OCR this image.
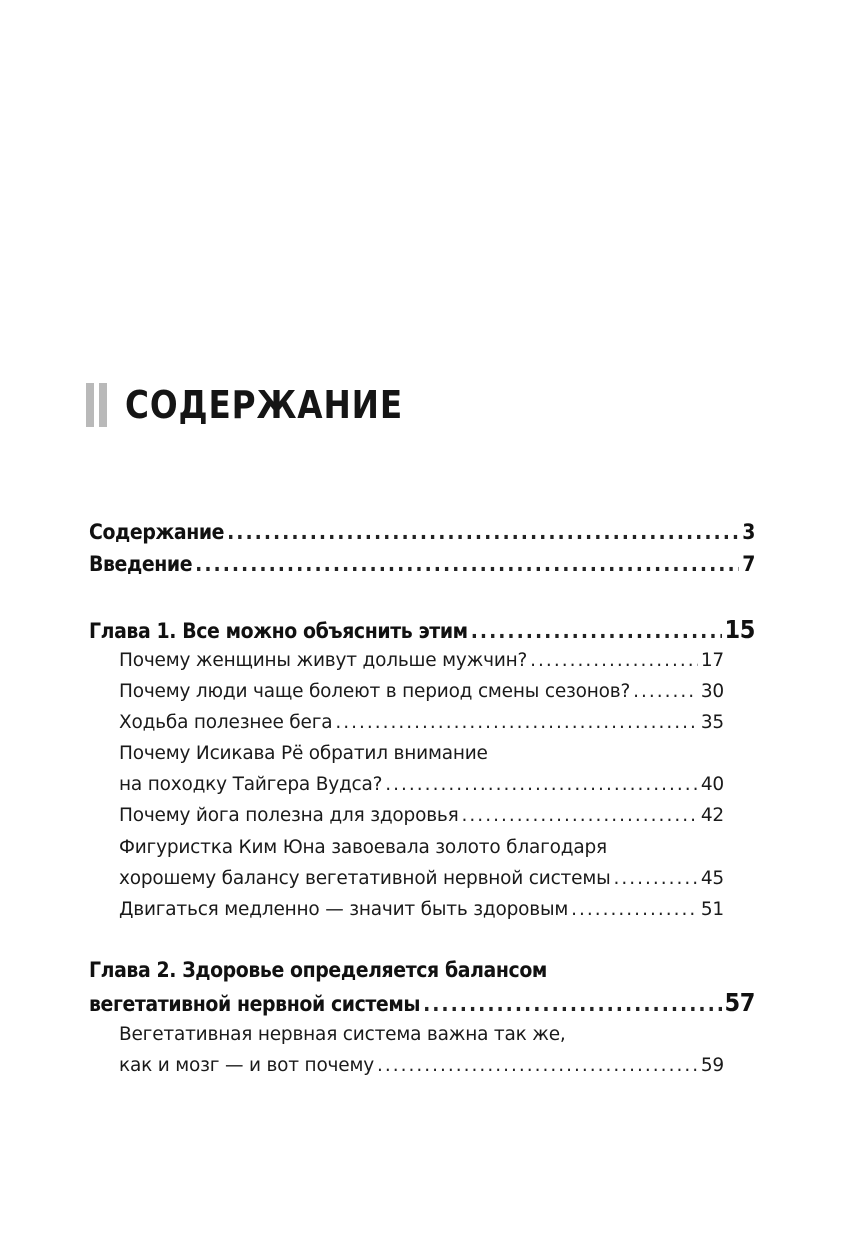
СОДЕРЖАНИЕ
Содержание .....	3
Введение .....	7
Глава 1. Все можно объяснить этим .....	15
Почему женщины живут дольше мужчин? .....	17
Почему люди чаще болеют в период смены сезонов? .....	30
Ходьба полезнее бега .....	35
Почему Исикава Рё обратил внимание
на походку Тайгера Вудса? .....	40
Почему йога полезна для здоровья .....	42
Фигуристка Ким Юна завоевала золото благодаря
хорошему балансу вегетативной нервной системы .....	45
Двигаться медленно — значит быть здоровым .....	51
Глава 2. Здоровье определяется балансом
вегетативной нервной системы .....	57
Вегетативная нервная система важна так же,
как и мозг — и вот почему .....	59
